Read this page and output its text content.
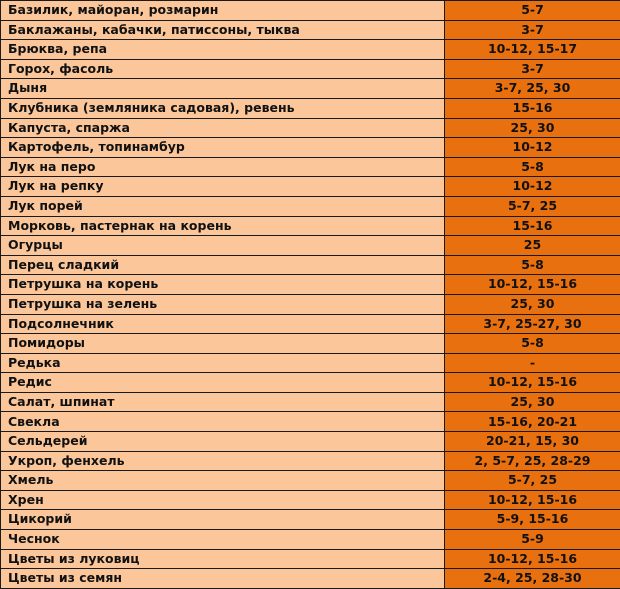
Базилик, майоран, розмарин	5-7
Баклажаны, кабачки, патиссоны, тыква	3-7
Брюква, репа	10-12, 15-17
Горох, фасоль	3-7
Дыня	3-7, 25, 30
Клубника (земляника садовая), ревень	15-16
Капуста, спаржа	25, 30
Картофель, топинамбур	10-12
Лук на перо	5-8
Лук на репку	10-12
Лук порей	5-7, 25
Морковь, пастернак на корень	15-16
Огурцы	25
Перец сладкий	5-8
Петрушка на корень	10-12, 15-16
Петрушка на зелень	25, 30
Подсолнечник	3-7, 25-27, 30
Помидоры	5-8
Редька	-
Редис	10-12, 15-16
Салат, шпинат	25, 30
Свекла	15-16, 20-21
Сельдерей	20-21, 15, 30
Укроп, фенхель	2, 5-7, 25, 28-29
Хмель	5-7, 25
Хрен	10-12, 15-16
Цикорий	5-9, 15-16
Чеснок	5-9
Цветы из луковиц	10-12, 15-16
Цветы из семян	2-4, 25, 28-30
